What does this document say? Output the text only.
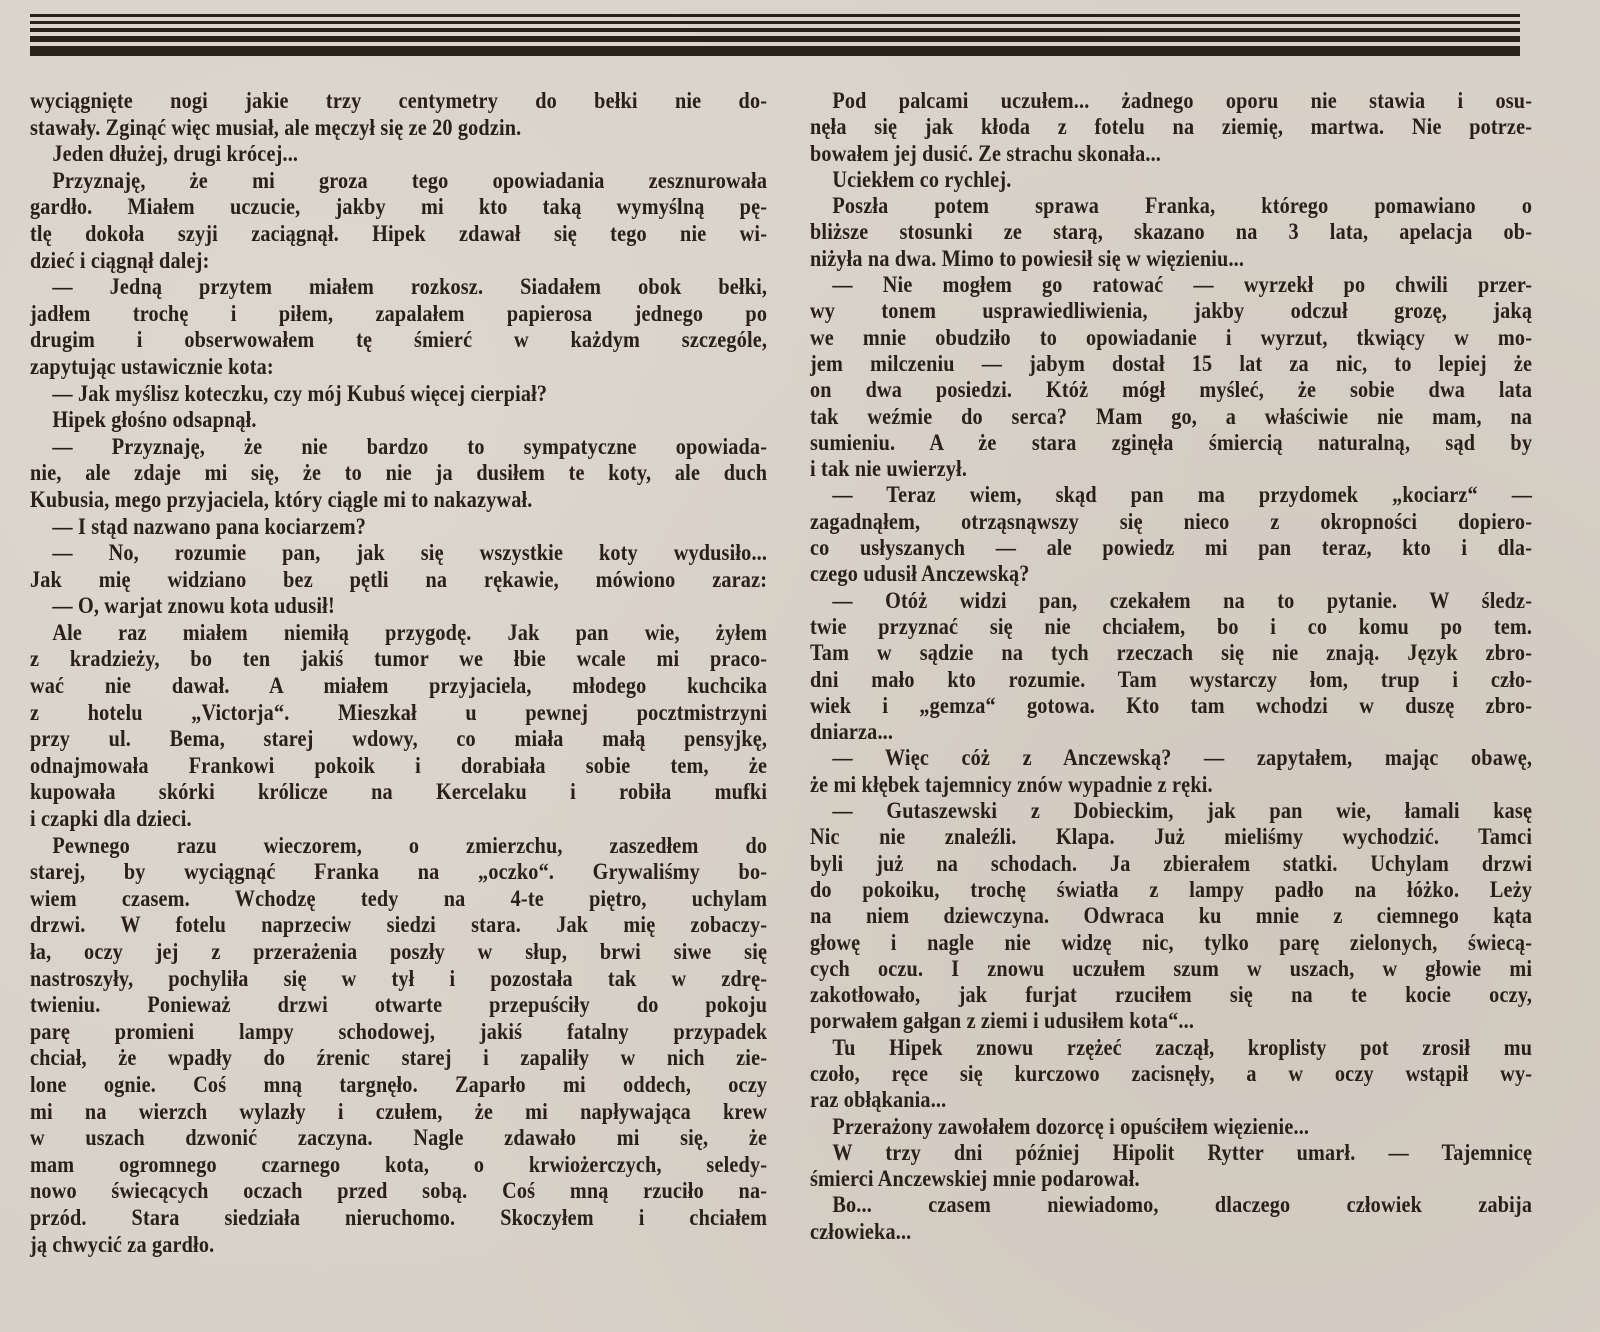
wyciągnięte nogi jakie trzy centymetry do bełki nie do-
stawały. Zginąć więc musiał, ale męczył się ze 20 godzin.
Jeden dłużej, drugi krócej...
Przyznaję, że mi groza tego opowiadania zesznurowała
gardło. Miałem uczucie, jakby mi kto taką wymyślną pę-
tlę dokoła szyji zaciągnął. Hipek zdawał się tego nie wi-
dzieć i ciągnął dalej:
— Jedną przytem miałem rozkosz. Siadałem obok bełki,
jadłem trochę i piłem, zapalałem papierosa jednego po
drugim i obserwowałem tę śmierć w każdym szczególe,
zapytując ustawicznie kota:
— Jak myślisz koteczku, czy mój Kubuś więcej cierpiał?
Hipek głośno odsapnął.
— Przyznaję, że nie bardzo to sympatyczne opowiada-
nie, ale zdaje mi się, że to nie ja dusiłem te koty, ale duch
Kubusia, mego przyjaciela, który ciągle mi to nakazywał.
— I stąd nazwano pana kociarzem?
— No, rozumie pan, jak się wszystkie koty wydusiło...
Jak mię widziano bez pętli na rękawie, mówiono zaraz:
— O, warjat znowu kota udusił!
Ale raz miałem niemiłą przygodę. Jak pan wie, żyłem
z kradzieży, bo ten jakiś tumor we łbie wcale mi praco-
wać nie dawał. A miałem przyjaciela, młodego kuchcika
z hotelu „Victorja“. Mieszkał u pewnej pocztmistrzyni
przy ul. Bema, starej wdowy, co miała małą pensyjkę,
odnajmowała Frankowi pokoik i dorabiała sobie tem, że
kupowała skórki królicze na Kercelaku i robiła mufki
i czapki dla dzieci.
Pewnego razu wieczorem, o zmierzchu, zaszedłem do
starej, by wyciągnąć Franka na „oczko“. Grywaliśmy bo-
wiem czasem. Wchodzę tedy na 4-te piętro, uchylam
drzwi. W fotelu naprzeciw siedzi stara. Jak mię zobaczy-
ła, oczy jej z przerażenia poszły w słup, brwi siwe się
nastroszyły, pochyliła się w tył i pozostała tak w zdrę-
twieniu. Ponieważ drzwi otwarte przepuściły do pokoju
parę promieni lampy schodowej, jakiś fatalny przypadek
chciał, że wpadły do źrenic starej i zapaliły w nich zie-
lone ognie. Coś mną targnęło. Zaparło mi oddech, oczy
mi na wierzch wylazły i czułem, że mi napływająca krew
w uszach dzwonić zaczyna. Nagle zdawało mi się, że
mam ogromnego czarnego kota, o krwiożerczych, seledy-
nowo świecących oczach przed sobą. Coś mną rzuciło na-
przód. Stara siedziała nieruchomo. Skoczyłem i chciałem
ją chwycić za gardło.
Pod palcami uczułem... żadnego oporu nie stawia i osu-
nęła się jak kłoda z fotelu na ziemię, martwa. Nie potrze-
bowałem jej dusić. Ze strachu skonała...
Uciekłem co rychlej.
Poszła potem sprawa Franka, którego pomawiano o
bliższe stosunki ze starą, skazano na 3 lata, apelacja ob-
niżyła na dwa. Mimo to powiesił się w więzieniu...
— Nie mogłem go ratować — wyrzekł po chwili przer-
wy tonem usprawiedliwienia, jakby odczuł grozę, jaką
we mnie obudziło to opowiadanie i wyrzut, tkwiący w mo-
jem milczeniu — jabym dostał 15 lat za nic, to lepiej że
on dwa posiedzi. Któż mógł myśleć, że sobie dwa lata
tak weźmie do serca? Mam go, a właściwie nie mam, na
sumieniu. A że stara zginęła śmiercią naturalną, sąd by
i tak nie uwierzył.
— Teraz wiem, skąd pan ma przydomek „kociarz“ —
zagadnąłem, otrząsnąwszy się nieco z okropności dopiero-
co usłyszanych — ale powiedz mi pan teraz, kto i dla-
czego udusił Anczewską?
— Otóż widzi pan, czekałem na to pytanie. W śledz-
twie przyznać się nie chciałem, bo i co komu po tem.
Tam w sądzie na tych rzeczach się nie znają. Język zbro-
dni mało kto rozumie. Tam wystarczy łom, trup i czło-
wiek i „gemza“ gotowa. Kto tam wchodzi w duszę zbro-
dniarza...
— Więc cóż z Anczewską? — zapytałem, mając obawę,
że mi kłębek tajemnicy znów wypadnie z ręki.
— Gutaszewski z Dobieckim, jak pan wie, łamali kasę
Nic nie znaleźli. Klapa. Już mieliśmy wychodzić. Tamci
byli już na schodach. Ja zbierałem statki. Uchylam drzwi
do pokoiku, trochę światła z lampy padło na łóżko. Leży
na niem dziewczyna. Odwraca ku mnie z ciemnego kąta
głowę i nagle nie widzę nic, tylko parę zielonych, świecą-
cych oczu. I znowu uczułem szum w uszach, w głowie mi
zakotłowało, jak furjat rzuciłem się na te kocie oczy,
porwałem gałgan z ziemi i udusiłem kota“...
Tu Hipek znowu rzężeć zaczął, kroplisty pot zrosił mu
czoło, ręce się kurczowo zacisnęły, a w oczy wstąpił wy-
raz obłąkania...
Przerażony zawołałem dozorcę i opuściłem więzienie...
W trzy dni później Hipolit Rytter umarł. — Tajemnicę
śmierci Anczewskiej mnie podarował.
Bo... czasem niewiadomo, dlaczego człowiek zabija
człowieka...
